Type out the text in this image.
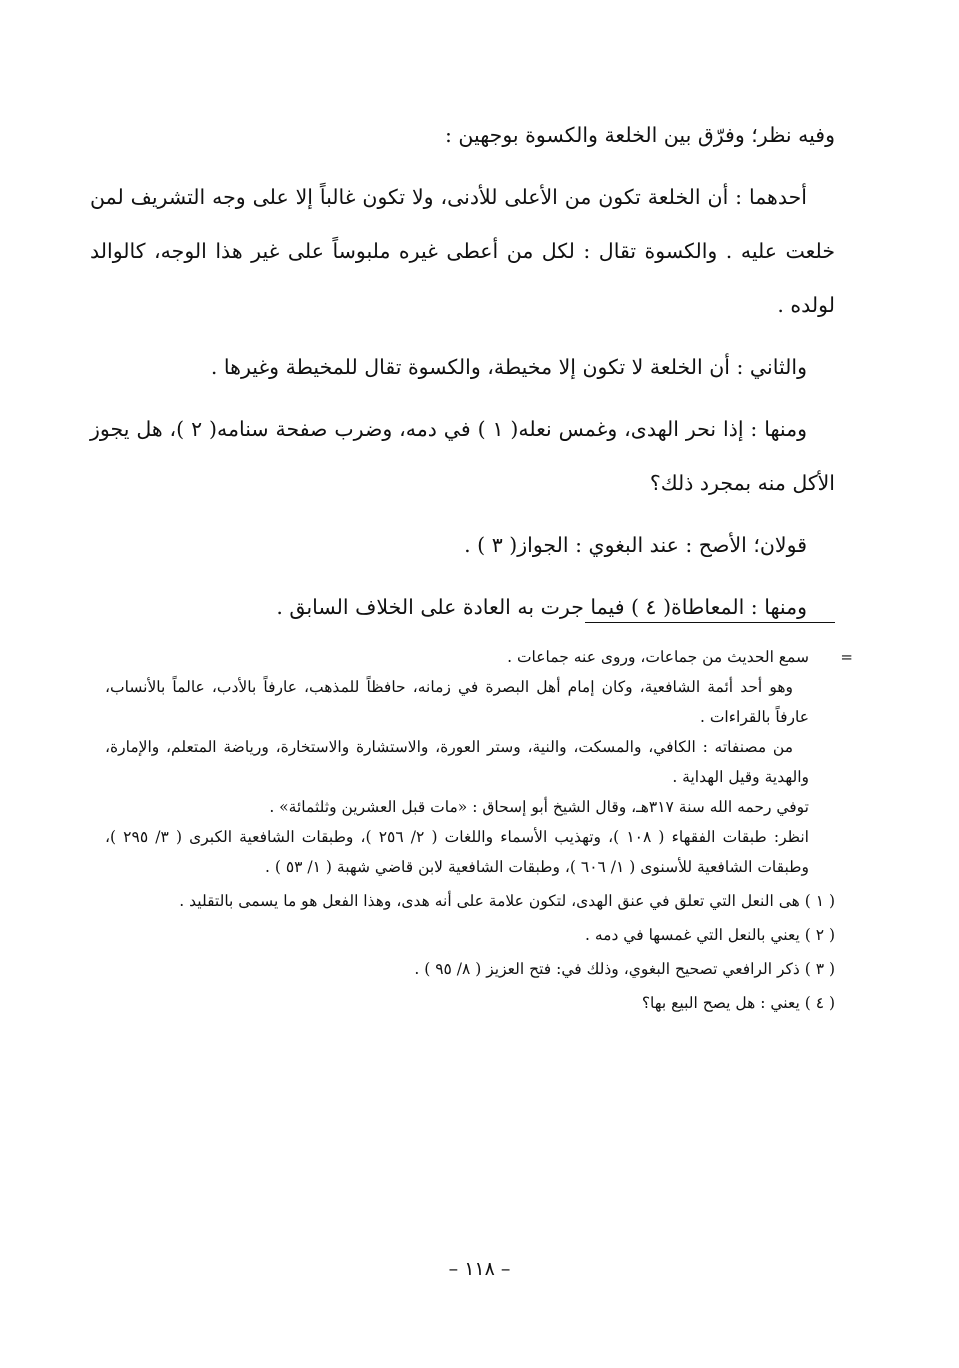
وفيه نظر؛ وفرّق بين الخلعة والكسوة بوجهين :

أحدهما : أن الخلعة تكون من الأعلى للأدنى، ولا تكون غالباً إلا على وجه التشريف لمن خلعت عليه . والكسوة تقال : لكل من أعطى غيره ملبوساً على غير هذا الوجه، كالوالد لولده .

والثاني : أن الخلعة لا تكون إلا مخيطة، والكسوة تقال للمخيطة وغيرها .

ومنها : إذا نحر الهدى، وغمس نعله( ١ ) في دمه، وضرب صفحة سنامه( ٢ )، هل يجوز الأكل منه بمجرد ذلك؟

قولان؛ الأصح : عند البغوي : الجواز( ٣ ) .

ومنها : المعاطاة( ٤ ) فيما جرت به العادة على الخلاف السابق .

=

سمع الحديث من جماعات، وروى عنه جماعات .

وهو أحد أئمة الشافعية، وكان إمام أهل البصرة في زمانه، حافظاً للمذهب، عارفاً بالأدب، عالماً بالأنساب، عارفاً بالقراءات .

من مصنفاته : الكافي، والمسكت، والنية، وستر العورة، والاستشارة والاستخارة، ورياضة المتعلم، والإمارة، والهدية وقيل الهداية .

توفي رحمه الله سنة ٣١٧هـ، وقال الشيخ أبو إسحاق : «مات قبل العشرين وثلثمائة» .

انظر: طبقات الفقهاء ( ١٠٨ )، وتهذيب الأسماء واللغات ( ٢/ ٢٥٦ )، وطبقات الشافعية الكبرى ( ٣/ ٢٩٥ )، وطبقات الشافعية للأسنوى ( ١/ ٦٠٦ )، وطبقات الشافعية لابن قاضي شهبة ( ١/ ٥٣ ) .

( ١ ) هى النعل التي تعلق في عنق الهدى، لتكون علامة على أنه هدى، وهذا الفعل هو ما يسمى بالتقليد .

( ٢ ) يعني بالنعل التي غمسها في دمه .

( ٣ ) ذكر الرافعي تصحيح البغوي، وذلك في: فتح العزيز ( ٨/ ٩٥ ) .

( ٤ ) يعني : هل يصح البيع بها؟

– ١١٨ –
